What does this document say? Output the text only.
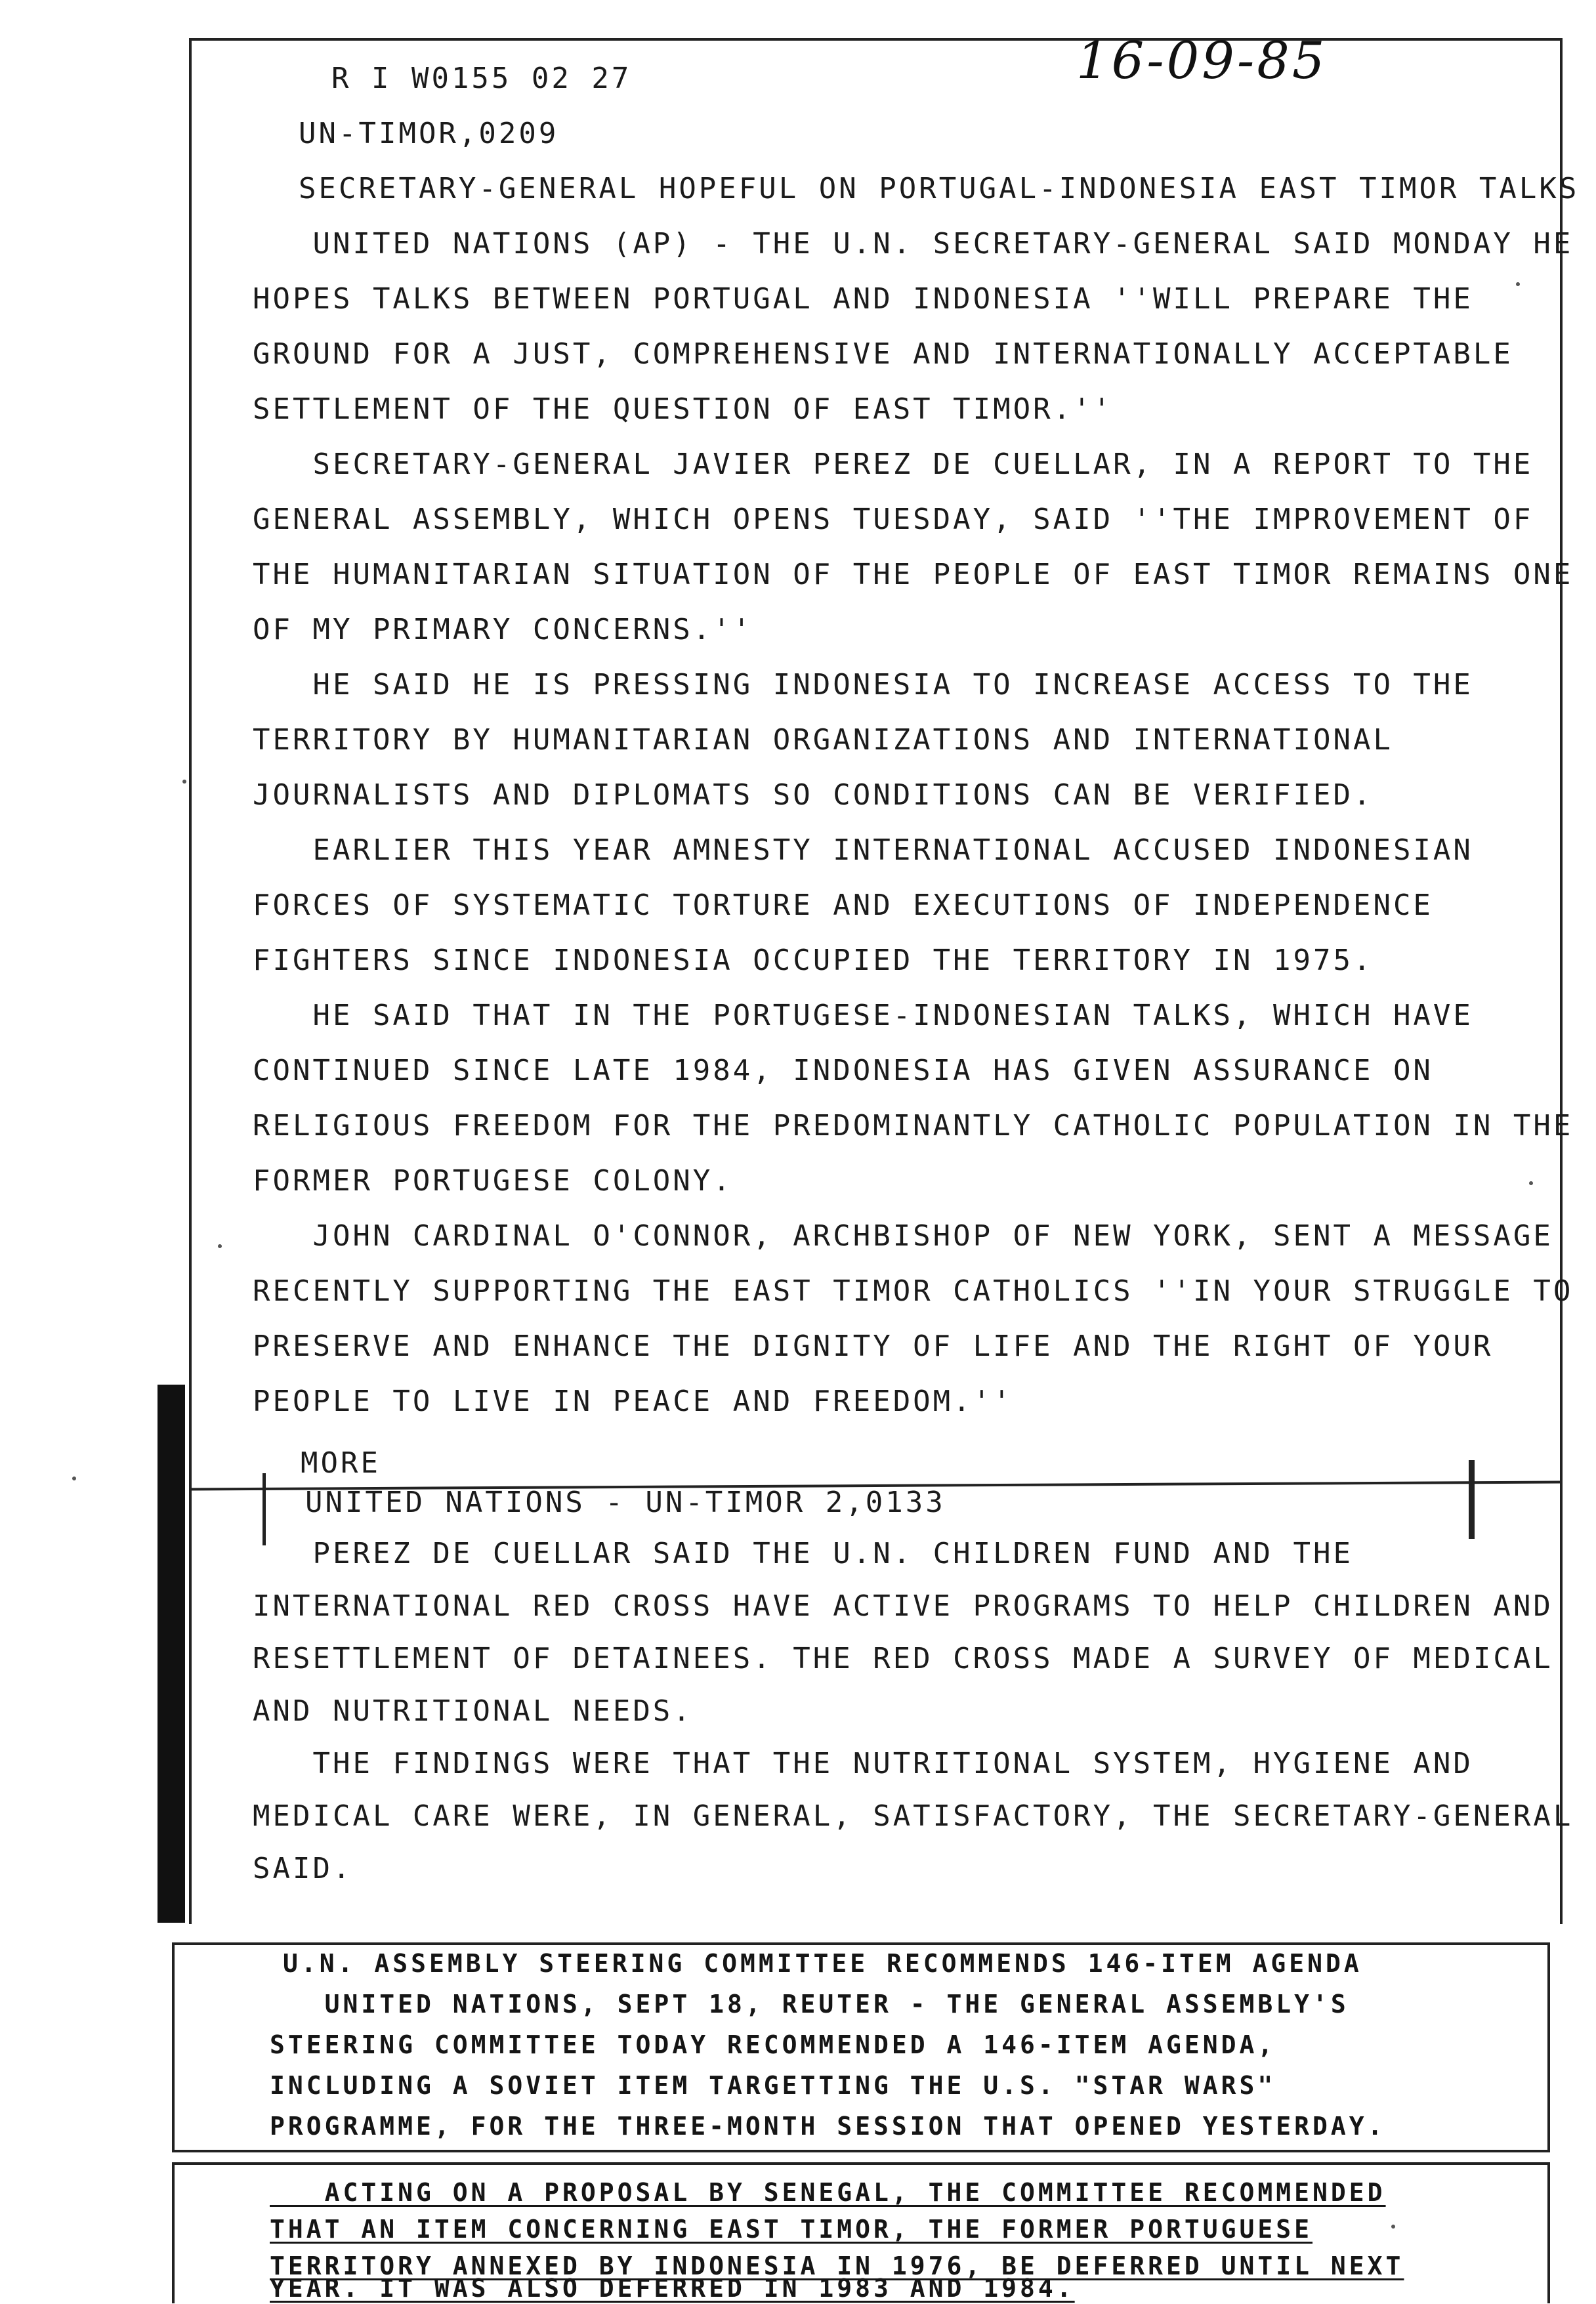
16-09-85
R I W0155 02 27
UN-TIMOR,0209
SECRETARY-GENERAL HOPEFUL ON PORTUGAL-INDONESIA EAST TIMOR TALKS
UNITED NATIONS (AP) - THE U.N. SECRETARY-GENERAL SAID MONDAY HE
HOPES TALKS BETWEEN PORTUGAL AND INDONESIA ''WILL PREPARE THE
GROUND FOR A JUST, COMPREHENSIVE AND INTERNATIONALLY ACCEPTABLE
SETTLEMENT OF THE QUESTION OF EAST TIMOR.''
SECRETARY-GENERAL JAVIER PEREZ DE CUELLAR, IN A REPORT TO THE
GENERAL ASSEMBLY, WHICH OPENS TUESDAY, SAID ''THE IMPROVEMENT OF
THE HUMANITARIAN SITUATION OF THE PEOPLE OF EAST TIMOR REMAINS ONE
OF MY PRIMARY CONCERNS.''
HE SAID HE IS PRESSING INDONESIA TO INCREASE ACCESS TO THE
TERRITORY BY HUMANITARIAN ORGANIZATIONS AND INTERNATIONAL
JOURNALISTS AND DIPLOMATS SO CONDITIONS CAN BE VERIFIED.
EARLIER THIS YEAR AMNESTY INTERNATIONAL ACCUSED INDONESIAN
FORCES OF SYSTEMATIC TORTURE AND EXECUTIONS OF INDEPENDENCE
FIGHTERS SINCE INDONESIA OCCUPIED THE TERRITORY IN 1975.
HE SAID THAT IN THE PORTUGESE-INDONESIAN TALKS, WHICH HAVE
CONTINUED SINCE LATE 1984, INDONESIA HAS GIVEN ASSURANCE ON
RELIGIOUS FREEDOM FOR THE PREDOMINANTLY CATHOLIC POPULATION IN THE
FORMER PORTUGESE COLONY.
JOHN CARDINAL O'CONNOR, ARCHBISHOP OF NEW YORK, SENT A MESSAGE
RECENTLY SUPPORTING THE EAST TIMOR CATHOLICS ''IN YOUR STRUGGLE TO
PRESERVE AND ENHANCE THE DIGNITY OF LIFE AND THE RIGHT OF YOUR
PEOPLE TO LIVE IN PEACE AND FREEDOM.''
MORE
UNITED NATIONS - UN-TIMOR 2,0133
PEREZ DE CUELLAR SAID THE U.N. CHILDREN FUND AND THE
INTERNATIONAL RED CROSS HAVE ACTIVE PROGRAMS TO HELP CHILDREN AND
RESETTLEMENT OF DETAINEES. THE RED CROSS MADE A SURVEY OF MEDICAL
AND NUTRITIONAL NEEDS.
THE FINDINGS WERE THAT THE NUTRITIONAL SYSTEM, HYGIENE AND
MEDICAL CARE WERE, IN GENERAL, SATISFACTORY, THE SECRETARY-GENERAL
SAID.
U.N. ASSEMBLY STEERING COMMITTEE RECOMMENDS 146-ITEM AGENDA
UNITED NATIONS, SEPT 18, REUTER - THE GENERAL ASSEMBLY'S
STEERING COMMITTEE TODAY RECOMMENDED A 146-ITEM AGENDA,
INCLUDING A SOVIET ITEM TARGETTING THE U.S. "STAR WARS"
PROGRAMME, FOR THE THREE-MONTH SESSION THAT OPENED YESTERDAY.
ACTING ON A PROPOSAL BY SENEGAL, THE COMMITTEE RECOMMENDED
THAT AN ITEM CONCERNING EAST TIMOR, THE FORMER PORTUGUESE
TERRITORY ANNEXED BY INDONESIA IN 1976, BE DEFERRED UNTIL NEXT
YEAR. IT WAS ALSO DEFERRED IN 1983 AND 1984.
